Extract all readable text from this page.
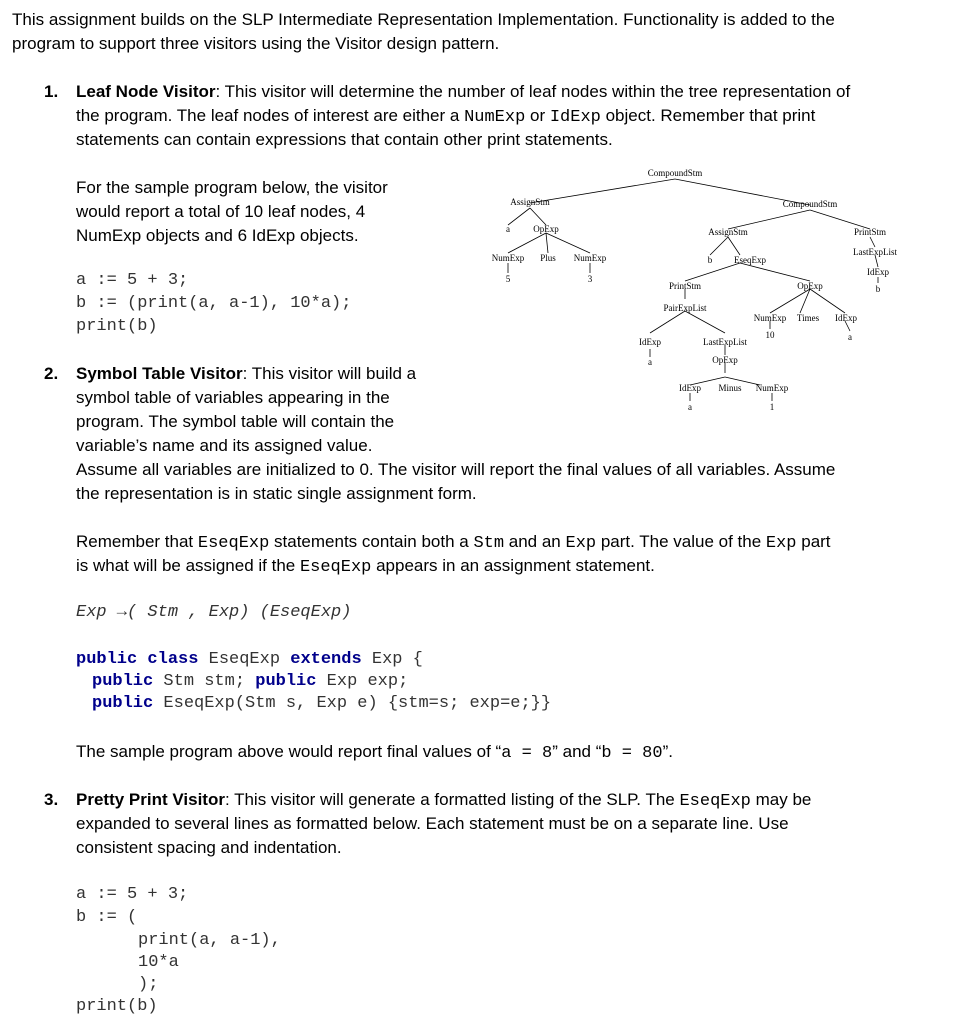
This assignment builds on the SLP Intermediate Representation Implementation. Functionality is added to the
program to support three visitors using the Visitor design pattern.
1. Leaf Node Visitor: This visitor will determine the number of leaf nodes within the tree representation of
the program. The leaf nodes of interest are either a NumExp or IdExp object. Remember that print
statements can contain expressions that contain other print statements.
For the sample program below, the visitor
would report a total of 10 leaf nodes, 4
NumExp objects and 6 IdExp objects.
a := 5 + 3;
b := (print(a, a-1), 10*a);
print(b)
CompoundStm
AssignStm
a	OpExp
NumExp Plus NumExp
5	3
CompoundStm
AssignStm
b EseqExp
PrintStm
PairExpList
IdExp
a
LastExpList
OpExp
IdExp Minus NumExp
a	1
OpExp
NumExp Times IdExp
10	a
PrintStm
LastExpList
IdExp
b
2. Symbol Table Visitor: This visitor will build a
symbol table of variables appearing in the
program. The symbol table will contain the
variable’s name and its assigned value.
Assume all variables are initialized to 0. The visitor will report the final values of all variables. Assume
the representation is in static single assignment form.
Remember that EseqExp statements contain both a Stm and an Exp part. The value of the Exp part
is what will be assigned if the EseqExp appears in an assignment statement.
Exp →( Stm , Exp) (EseqExp)
public class EseqExp extends Exp {
public Stm stm; public Exp exp;
public EseqExp(Stm s, Exp e) {stm=s; exp=e;}}
The sample program above would report final values of “a = 8” and “b = 80”.
3. Pretty Print Visitor: This visitor will generate a formatted listing of the SLP. The EseqExp may be
expanded to several lines as formatted below. Each statement must be on a separate line. Use
consistent spacing and indentation.
a := 5 + 3;
b := (
print(a, a-1),
10*a
);
print(b)
